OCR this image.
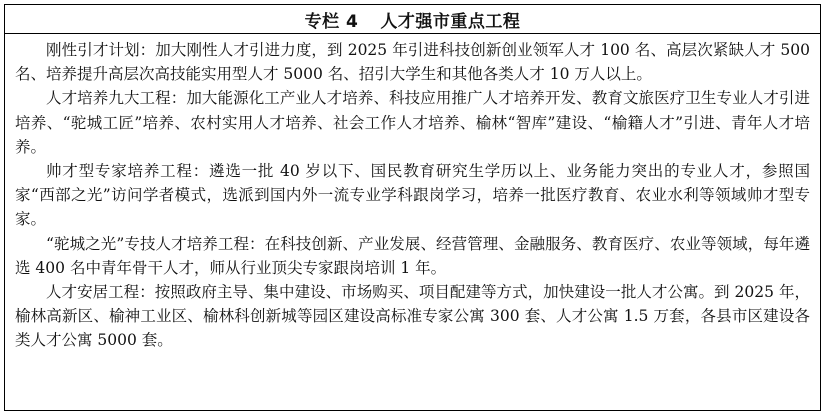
专栏 4 人才强市重点工程

刚性引才计划：加大刚性人才引进力度，到 2025 年引进科技创新创业领军人才 100 名、高层次紧缺人才 500 名、培养提升高层次高技能实用型人才 5000 名、招引大学生和其他各类人才 10 万人以上。

人才培养九大工程：加大能源化工产业人才培养、科技应用推广人才培养开发、教育文旅医疗卫生专业人才引进培养、“驼城工匠”培养、农村实用人才培养、社会工作人才培养、榆林“智库”建设、“榆籍人才”引进、青年人才培养。

帅才型专家培养工程：遴选一批 40 岁以下、国民教育研究生学历以上、业务能力突出的专业人才，参照国家“西部之光”访问学者模式，选派到国内外一流专业学科跟岗学习，培养一批医疗教育、农业水利等领域帅才型专家。

“驼城之光”专技人才培养工程：在科技创新、产业发展、经营管理、金融服务、教育医疗、农业等领域，每年遴选 400 名中青年骨干人才，师从行业顶尖专家跟岗培训 1 年。

人才安居工程：按照政府主导、集中建设、市场购买、项目配建等方式，加快建设一批人才公寓。到 2025 年，榆林高新区、榆神工业区、榆林科创新城等园区建设高标准专家公寓 300 套、人才公寓 1.5 万套，各县市区建设各类人才公寓 5000 套。
